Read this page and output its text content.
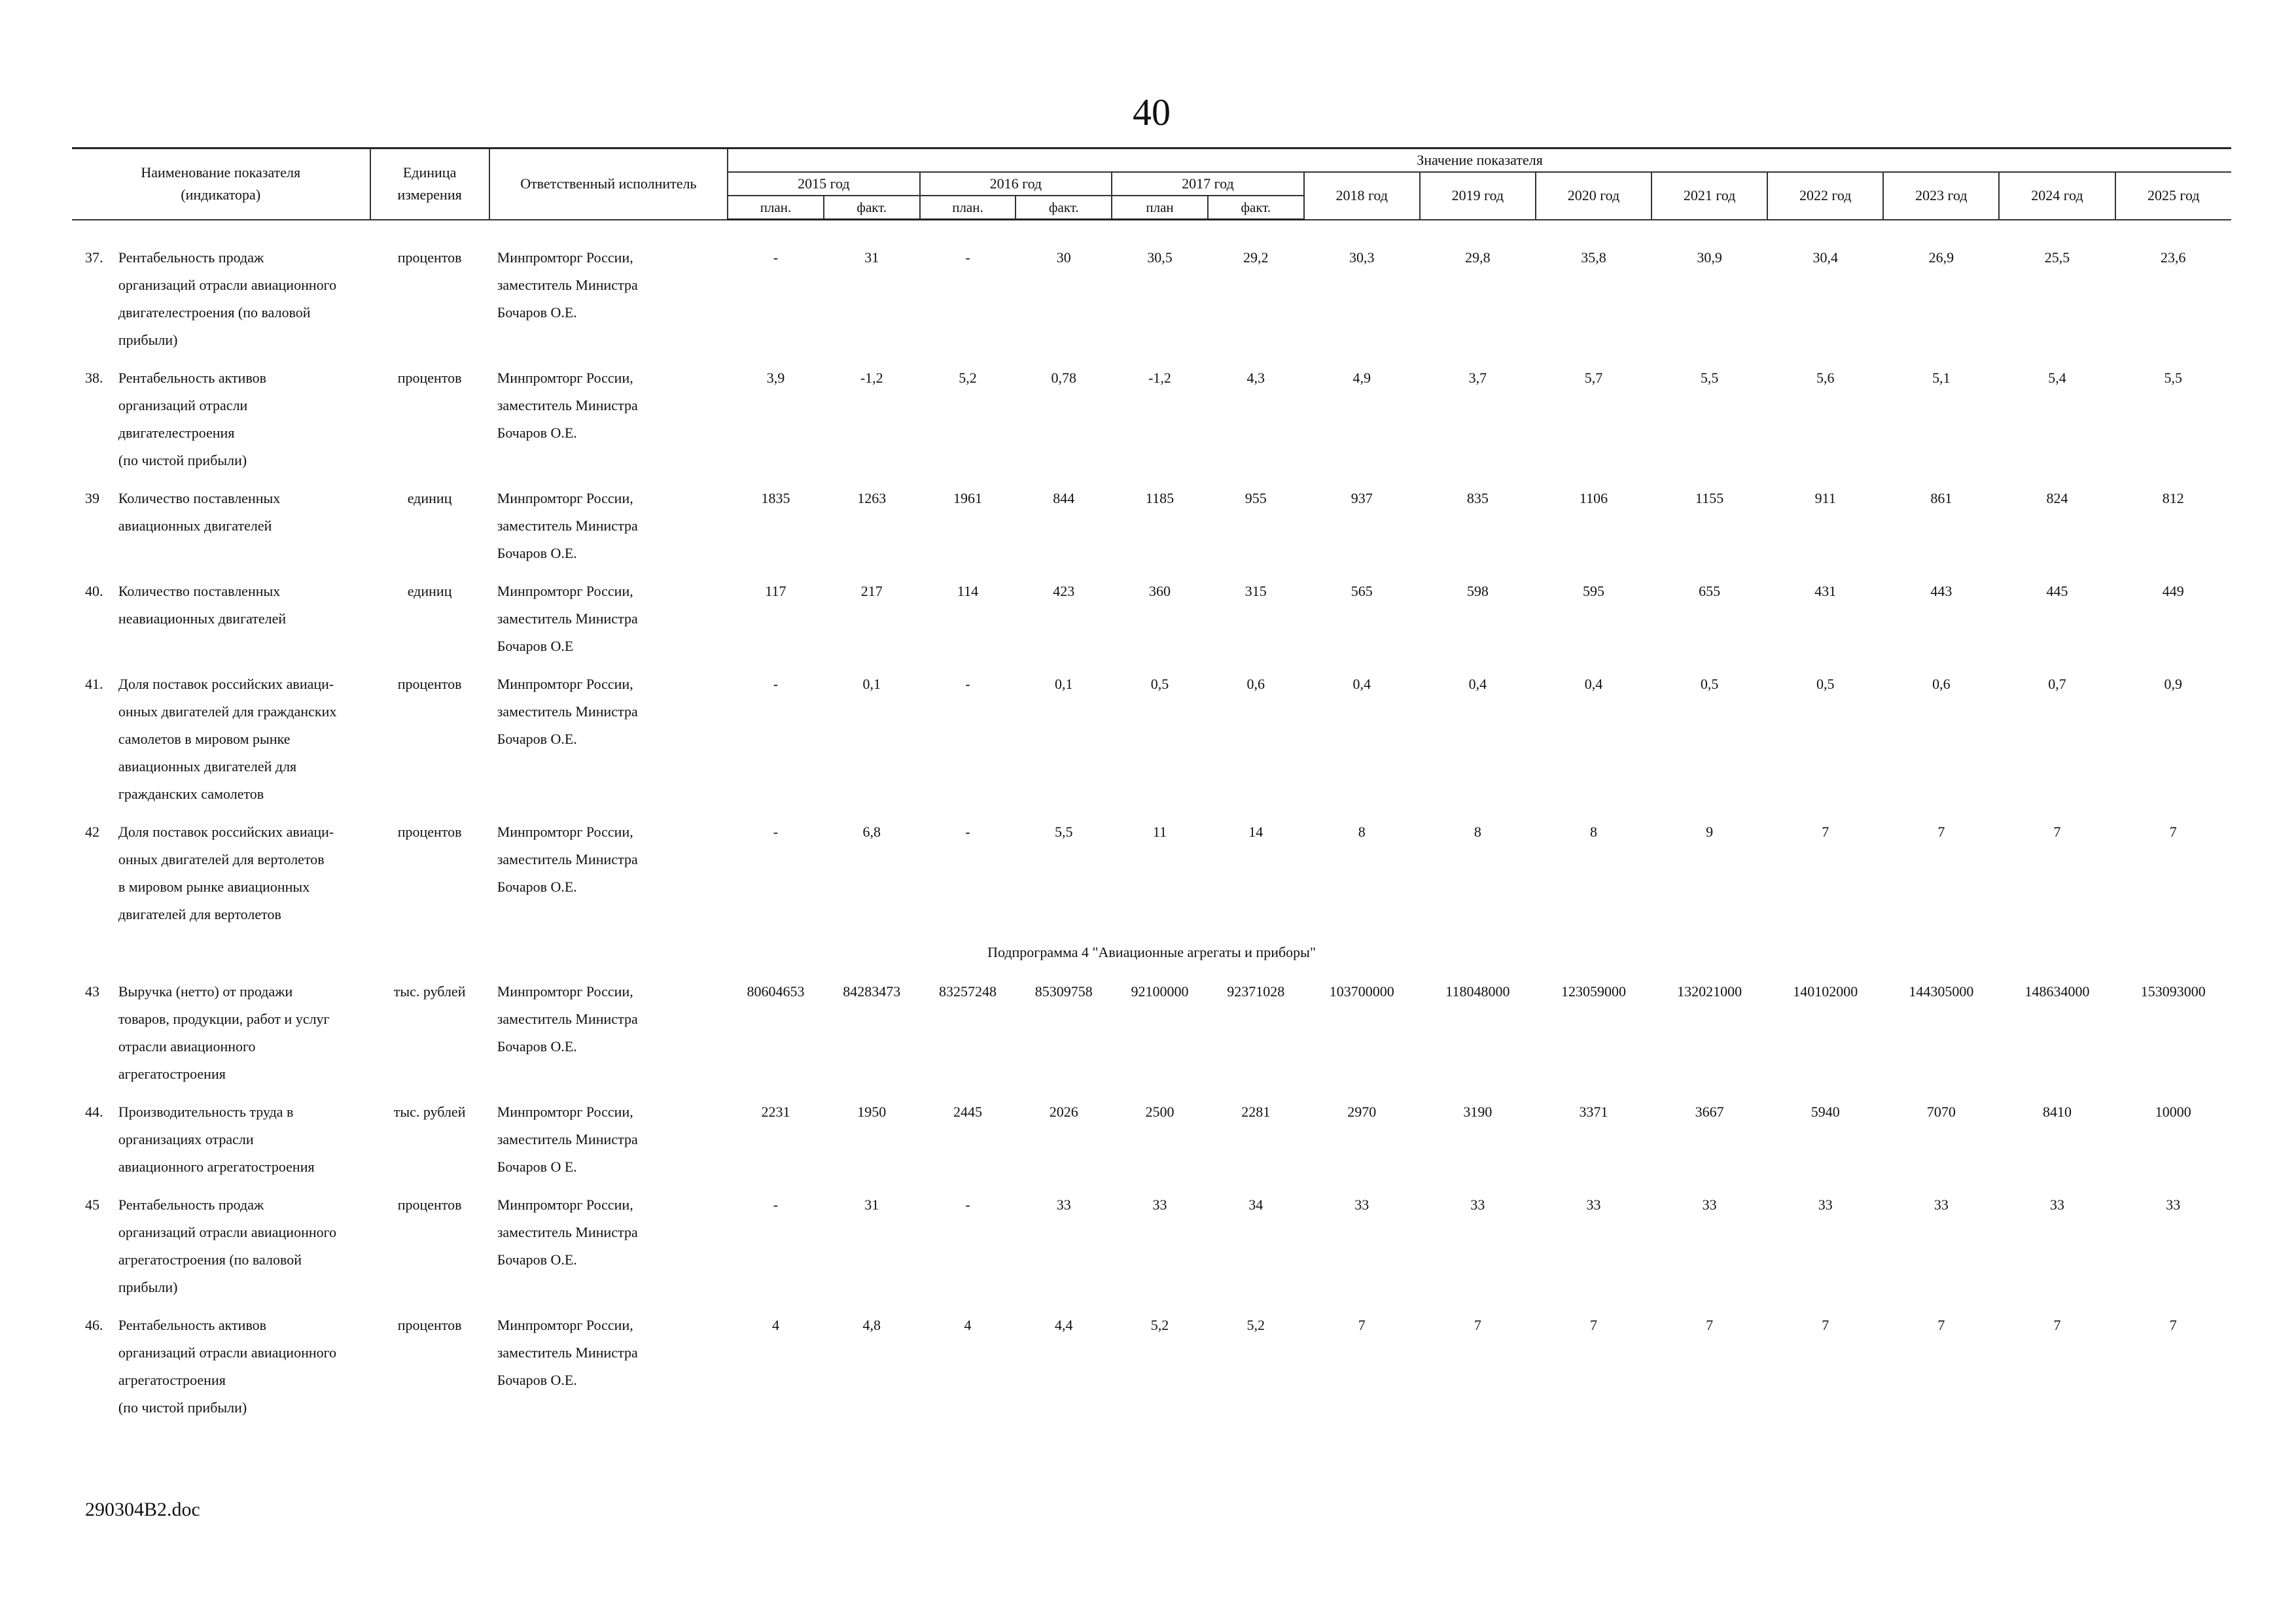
40
Наименование показателя
(индикатора)		Единица
измерения	Ответственный исполнитель	Значение показателя													
				2015 год		2016 год		2017 год		2018 год	2019 год	2020 год	2021 год	2022 год	2023 год	2024 год	2025 год
				план.	факт.	план.	факт.	план	факт.								

37.	Рентабельность продаж
организаций отрасли авиационного
двигателестроения (по валовой
прибыли)	процентов	Минпромторг России,
заместитель Министра
Бочаров О.Е.	-	31	-	30	30,5	29,2	30,3	29,8	35,8	30,9	30,4	26,9	25,5	23,6
38.	Рентабельность активов
организаций отрасли
двигателестроения
(по чистой прибыли)	процентов	Минпромторг России,
заместитель Министра
Бочаров О.Е.	3,9	-1,2	5,2	0,78	-1,2	4,3	4,9	3,7	5,7	5,5	5,6	5,1	5,4	5,5
39	Количество поставленных
авиационных двигателей	единиц	Минпромторг России,
заместитель Министра
Бочаров О.Е.	1835	1263	1961	844	1185	955	937	835	1106	1155	911	861	824	812
40.	Количество поставленных
неавиационных двигателей	единиц	Минпромторг России,
заместитель Министра
Бочаров О.Е	117	217	114	423	360	315	565	598	595	655	431	443	445	449
41.	Доля поставок российских авиаци-
онных двигателей для гражданских
самолетов в мировом рынке
авиационных двигателей для
гражданских самолетов	процентов	Минпромторг России,
заместитель Министра
Бочаров О.Е.	-	0,1	-	0,1	0,5	0,6	0,4	0,4	0,4	0,5	0,5	0,6	0,7	0,9
42	Доля поставок российских авиаци-
онных двигателей для вертолетов
в мировом рынке авиационных
двигателей для вертолетов	процентов	Минпромторг России,
заместитель Министра
Бочаров О.Е.	-	6,8	-	5,5	11	14	8	8	8	9	7	7	7	7
Подпрограмма 4 "Авиационные агрегаты и приборы"																	
43	Выручка (нетто) от продажи
товаров, продукции, работ и услуг
отрасли авиационного
агрегатостроения	тыс. рублей	Минпромторг России,
заместитель Министра
Бочаров О.Е.	80604653	84283473	83257248	85309758	92100000	92371028	103700000	118048000	123059000	132021000	140102000	144305000	148634000	153093000
44.	Производительность труда в
организациях отрасли
авиационного агрегатостроения	тыс. рублей	Минпромторг России,
заместитель Министра
Бочаров О Е.	2231	1950	2445	2026	2500	2281	2970	3190	3371	3667	5940	7070	8410	10000
45	Рентабельность продаж
организаций отрасли авиационного
агрегатостроения (по валовой
прибыли)	процентов	Минпромторг России,
заместитель Министра
Бочаров О.Е.	-	31	-	33	33	34	33	33	33	33	33	33	33	33
46.	Рентабельность активов
организаций отрасли авиационного
агрегатостроения
(по чистой прибыли)	процентов	Минпромторг России,
заместитель Министра
Бочаров О.Е.	4	4,8	4	4,4	5,2	5,2	7	7	7	7	7	7	7	7
290304B2.doc
